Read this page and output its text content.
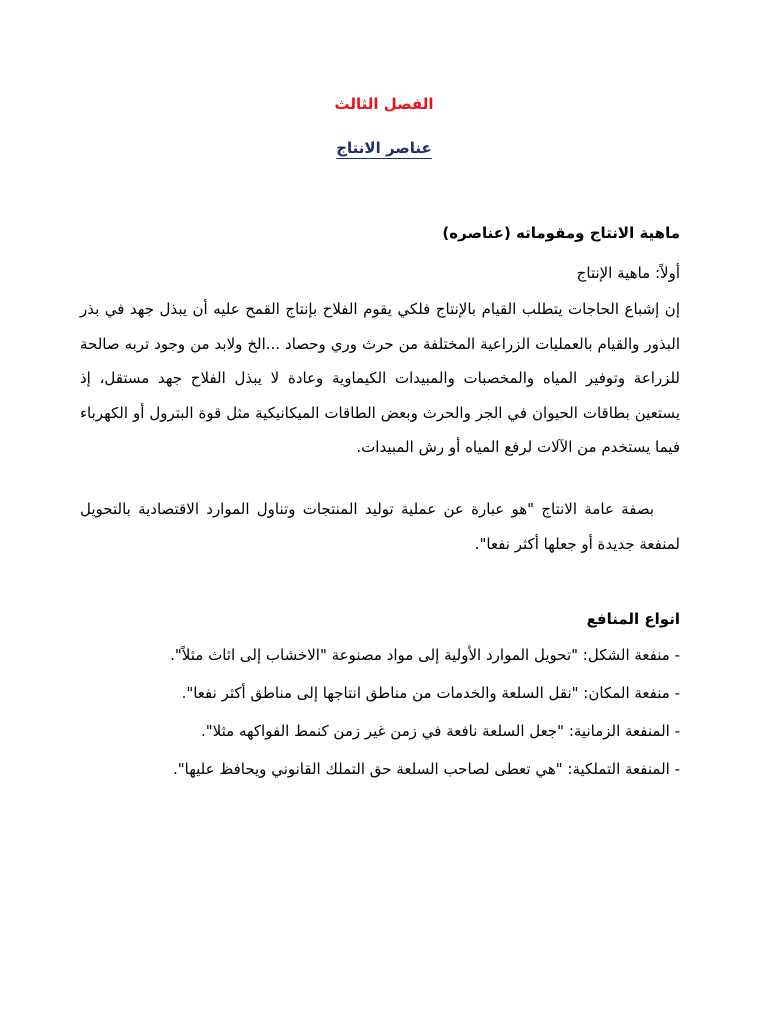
الفصل الثالث
عناصر الانتاج
ماهية الانتاج ومقوماته (عناصره)

أولاً: ماهية الإنتاج

إن إشباع الحاجات يتطلب القيام بالإنتاج فلكي يقوم الفلاح بإنتاج القمح عليه أن يبذل جهد في بذر البذور والقيام بالعمليات الزراعية المختلفة من حرث وري وحصاد ...الخ ولابد من وجود تربه صالحة للزراعة وتوفير المياه والمخصبات والمبيدات الكيماوية وعادة لا يبذل الفلاح جهد مستقل، إذ يستعين بطاقات الحيوان في الجر والحرث وبعض الطاقات الميكانيكية مثل قوة البترول أو الكهرباء فيما يستخدم من الآلات لرفع المياه أو رش المبيدات.

بصفة عامة الانتاج "هو عبارة عن عملية توليد المنتجات وتناول الموارد الاقتصادية بالتحويل لمنفعة جديدة أو جعلها أكثر نفعا".

انواع المنافع
- منفعة الشكل: "تحويل الموارد الأولية إلى مواد مصنوعة "الاخشاب إلى اثاث مثلاً".
- منفعة المكان: "نقل السلعة والخدمات من مناطق انتاجها إلى مناطق أكثر نفعا".
- المنفعة الزمانية: "جعل السلعة نافعة في زمن غير زمن كنمط الفواكهه مثلا".
- المنفعة التملكية: "هي تعطى لصاحب السلعة حق التملك القانوني ويحافظ عليها".
